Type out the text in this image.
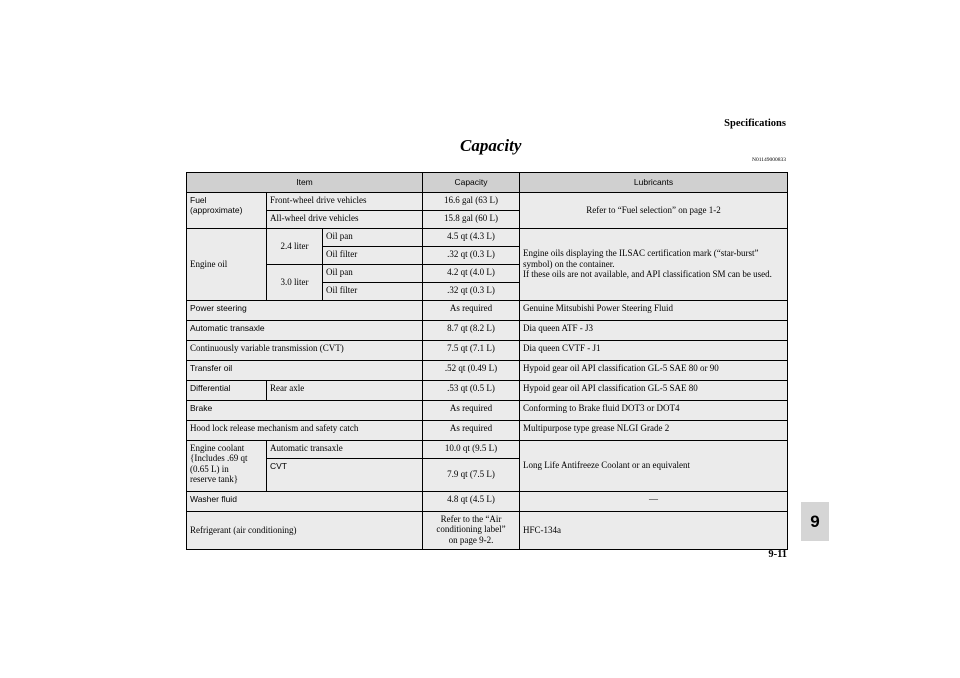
Specifications
Capacity
N01149000833
Item			Capacity	Lubricants
Fuel
(approximate)	Front-wheel drive vehicles		16.6 gal (63 L)	Refer to “Fuel selection” on page 1-2
	All-wheel drive vehicles		15.8 gal (60 L)	
Engine oil	2.4 liter	Oil pan	4.5 qt (4.3 L)	Engine oils displaying the ILSAC certification mark (“star-burst” symbol) on the container.
If these oils are not available, and API classification SM can be used.
		Oil filter	.32 qt (0.3 L)	
	3.0 liter	Oil pan	4.2 qt (4.0 L)	
		Oil filter	.32 qt (0.3 L)	
Power steering			As required	Genuine Mitsubishi Power Steering Fluid
Automatic transaxle			8.7 qt (8.2 L)	Dia queen ATF - J3
Continuously variable transmission (CVT)			7.5 qt (7.1 L)	Dia queen CVTF - J1
Transfer oil			.52 qt (0.49 L)	Hypoid gear oil API classification GL-5 SAE 80 or 90
Differential	Rear axle		.53 qt (0.5 L)	Hypoid gear oil API classification GL-5 SAE 80
Brake			As required	Conforming to Brake fluid DOT3 or DOT4
Hood lock release mechanism and safety catch			As required	Multipurpose type grease NLGI Grade 2
Engine coolant
{Includes .69 qt
(0.65 L) in
reserve tank}	Automatic transaxle		10.0 qt (9.5 L)	Long Life Antifreeze Coolant or an equivalent
	CVT		7.9 qt (7.5 L)	
Washer fluid			4.8 qt (4.5 L)	—
Refrigerant (air conditioning)			Refer to the “Air
conditioning label”
on page 9-2.	HFC-134a	9
9-11
